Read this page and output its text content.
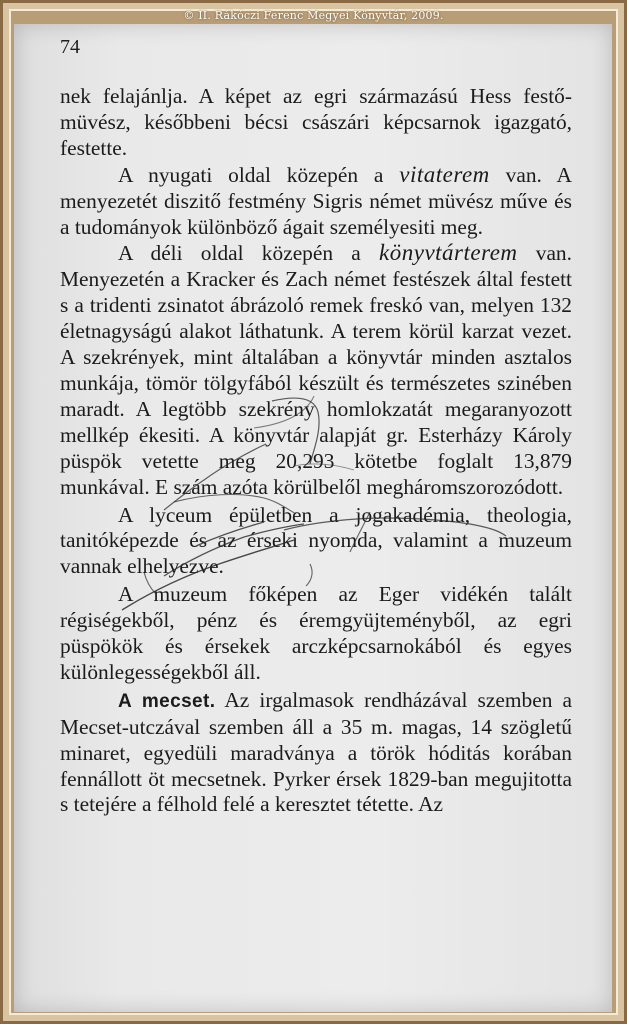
© II. Rákóczi Ferenc Megyei Könyvtár, 2009.
74

nek felajánlja. A képet az egri származású Hess festő-müvész, későbbeni bécsi császári képcsarnok igazgató, festette.

A nyugati oldal közepén a vitaterem van. A menyezetét diszitő festmény Sigris német müvész műve és a tudományok különböző ágait személyesiti meg.

A déli oldal közepén a könyvtárterem van. Menyezetén a Kracker és Zach német festészek által festett s a tridenti zsinatot ábrázoló remek freskó van, melyen 132 életnagyságú alakot láthatunk. A terem körül karzat vezet. A szekrények, mint általában a könyvtár minden asztalos munkája, tömör tölgyfából készült és természetes szinében maradt. A legtöbb szekrény homlokzatát megaranyozott mellkép ékesiti. A könyvtár alapját gr. Esterházy Károly püspök vetette meg 20,293 kötetbe foglalt 13,879 munkával. E szám azóta körülbelől megháromszorozódott.

A lyceum épületben a jogakadémia, theologia, tanitóképezde és az érseki nyomda, valamint a muzeum vannak elhelyezve.

A muzeum főképen az Eger vidékén talált régiségekből, pénz és éremgyüjteményből, az egri püspökök és érsekek arczképcsarnokából és egyes különlegességekből áll.

A mecset. Az irgalmasok rendházával szemben a Mecset-utczával szemben áll a 35 m. magas, 14 szögletű minaret, egyedüli maradványa a török hóditás korában fennállott öt mecsetnek. Pyrker érsek 1829-ban megujitotta s tetejére a félhold felé a keresztet tétette. Az
